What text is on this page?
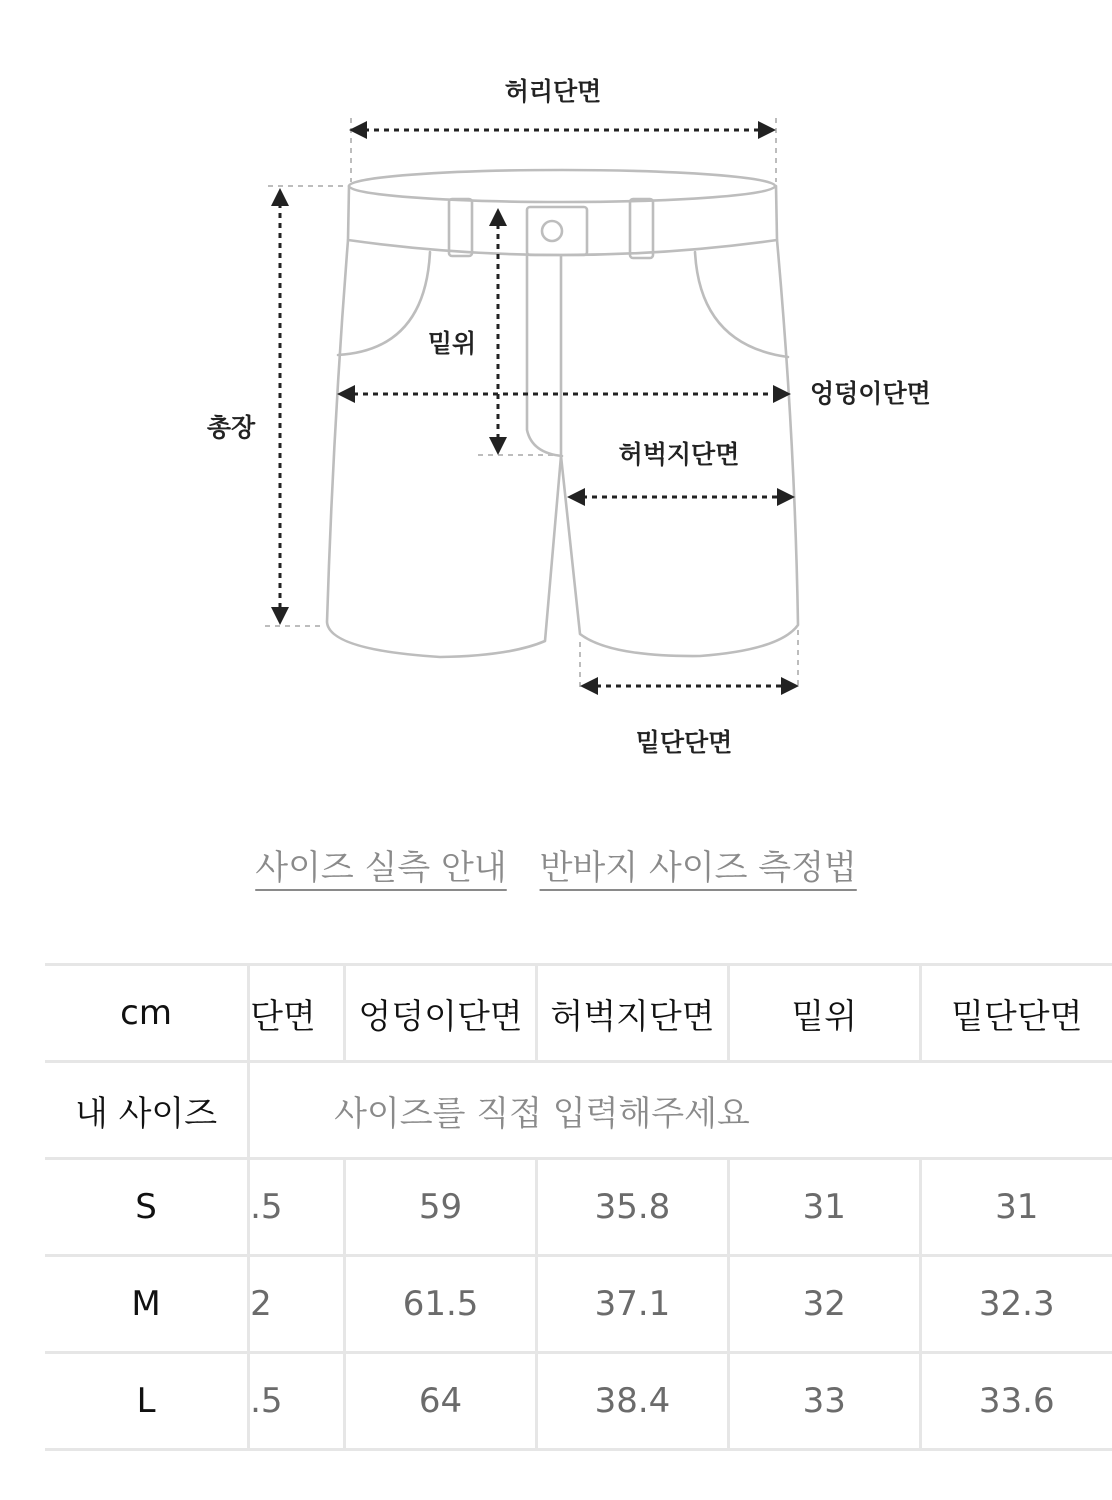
허리단면
밑위
엉덩이단면
총장
허벅지단면
밑단단면
사이즈 실측 안내 반바지 사이즈 측정법
cm	단면	엉덩이단면	허벅지단면	밑위	밑단단면
내 사이즈	사이즈를 직접 입력해주세요				
S	.5	59	35.8	31	31
M	2	61.5	37.1	32	32.3
L	.5	64	38.4	33	33.6
